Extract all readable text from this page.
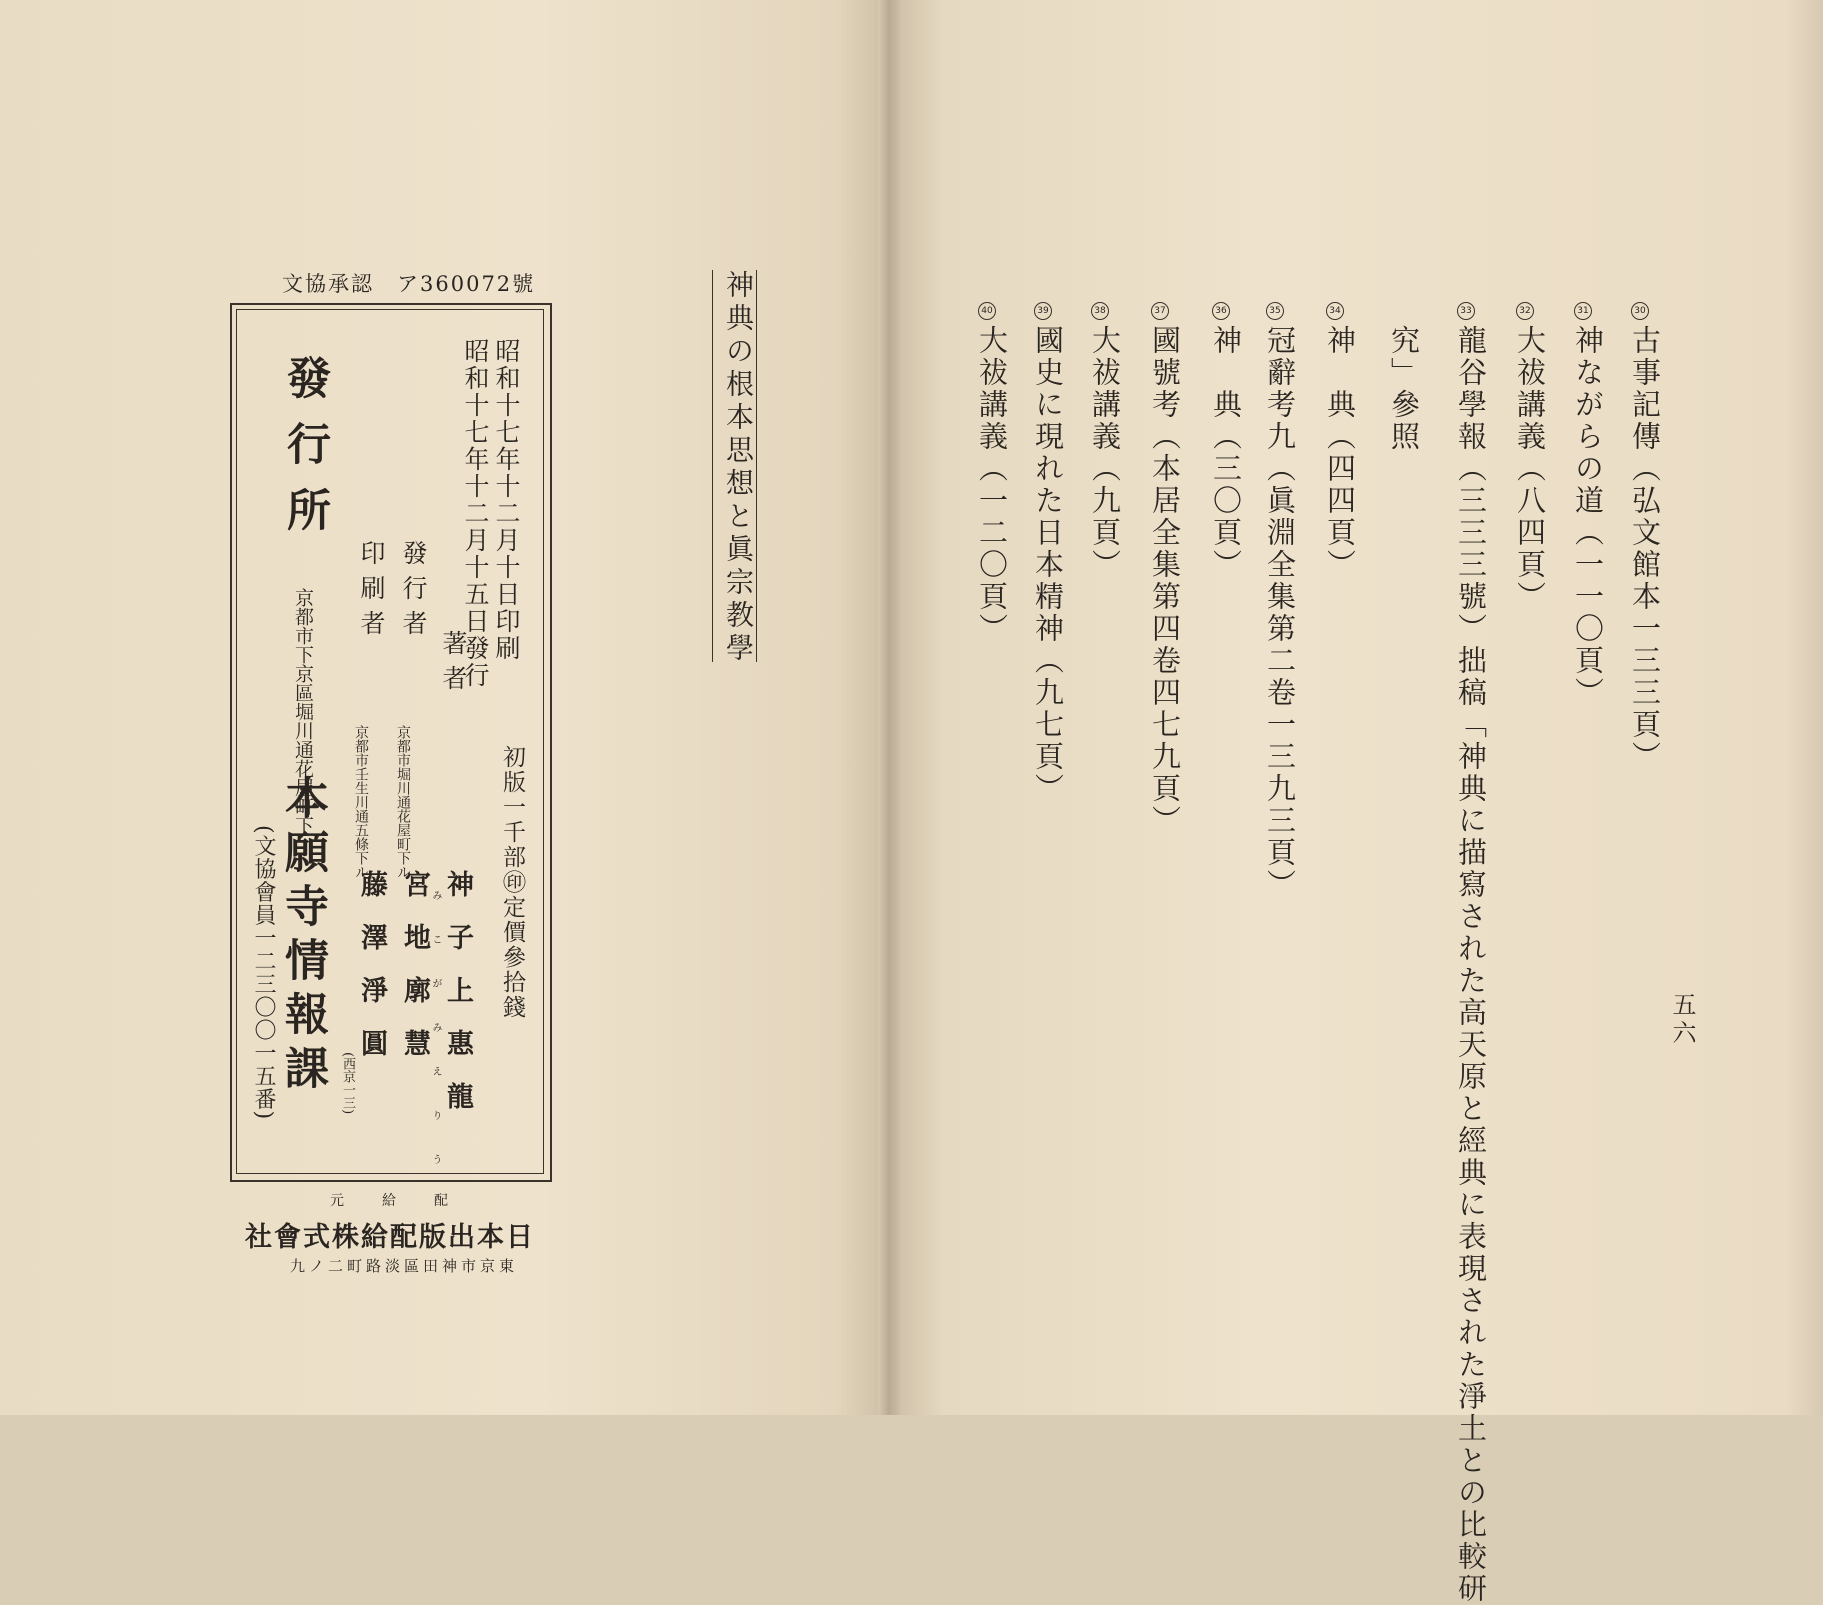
文協承認　ア360072號
昭和十七年十二月十日印刷
昭和十七年十二月十五日發行
初版一千部㊞定價參拾錢
著者
みこがみえりう 神子上惠龍
發行者
京都市堀川通花屋町下ル
宮地廓慧
印刷者
京都市壬生川通五條下ル
藤澤淨圓
(西京一三)
發行所
京都市下京區堀川通花屋町下
本願寺情報課
(文協會員一二三〇〇一五番)
配給元
日本出版配給株式會社
東京市神田區淡路町二ノ九
神典の根本思想と眞宗教學	30
古事記傳（弘文館本一三三頁）
31
神ながらの道（一一〇頁）
32
大祓講義（八四頁）
33
龍谷學報（三三三號）拙稿「神典に描寫された高天原と經典に表現された淨土との比較研
究」參照
34
神　典（四四頁）
35
冠辭考九（眞淵全集第二卷一三九三頁）
36
神　典（三〇頁）
37
國號考（本居全集第四卷四七九頁）
38
大祓講義（九頁）
39
國史に現れた日本精神（九七頁）
40
大祓講義（一二〇頁）
五六
